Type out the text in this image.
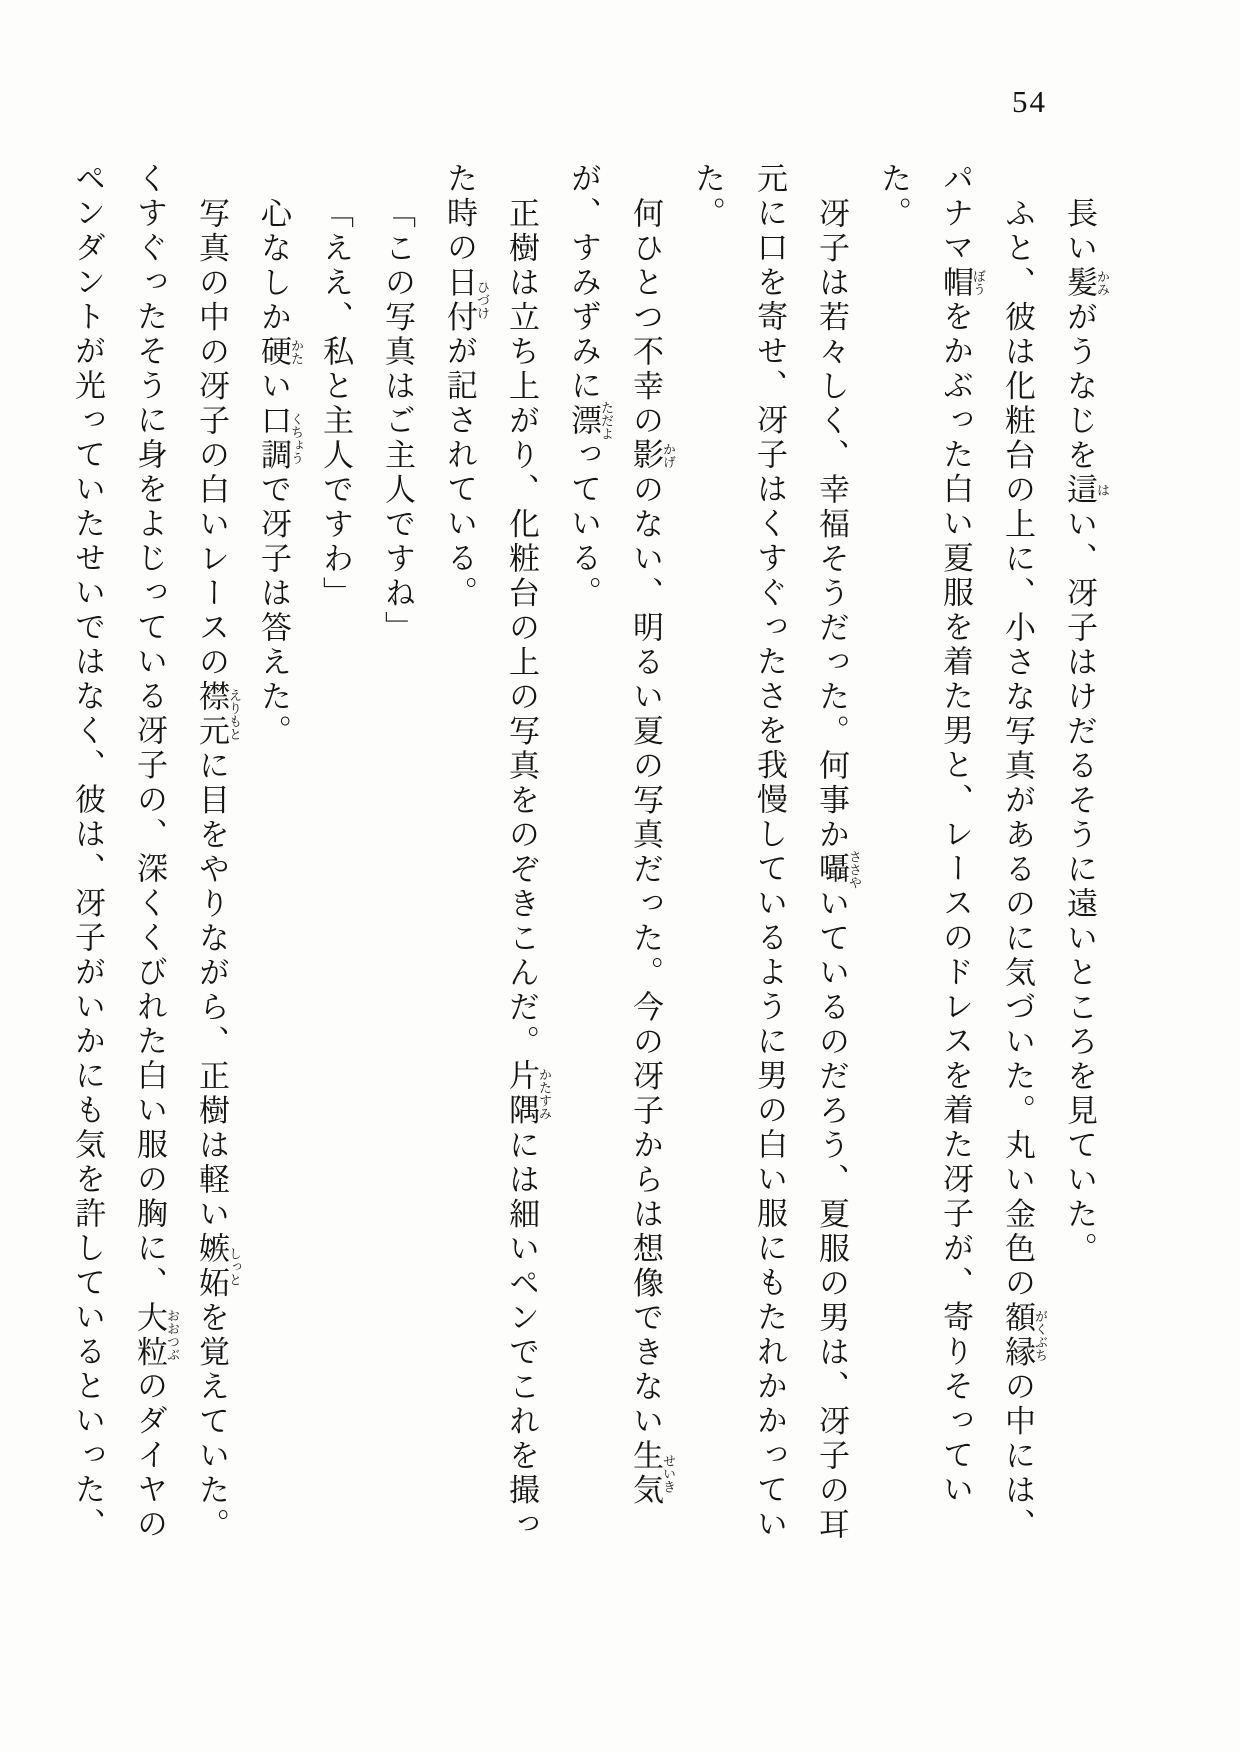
54

長い髪かみがうなじを這はい、冴子はけだるそうに遠いところを見ていた。

ふと、彼は化粧台の上に、小さな写真があるのに気づいた。丸い金色の額縁がくぶちの中には、パナマ帽ぼうをかぶった白い夏服を着た男と、レースのドレスを着た冴子が、寄りそっていた。

冴子は若々しく、幸福そうだった。何事か囁ささやいているのだろう、夏服の男は、冴子の耳元に口を寄せ、冴子はくすぐったさを我慢しているように男の白い服にもたれかかっていた。

何ひとつ不幸の影かげのない、明るい夏の写真だった。今の冴子からは想像できない生気せいきが、すみずみに漂ただよっている。

正樹は立ち上がり、化粧台の上の写真をのぞきこんだ。片隅かたすみには細いペンでこれを撮った時の日付ひづけが記されている。

「この写真はご主人ですね」

「ええ、私と主人ですわ」

心なしか硬かたい口調くちょうで冴子は答えた。

写真の中の冴子の白いレースの襟元えりもとに目をやりながら、正樹は軽い嫉妬しっとを覚えていた。くすぐったそうに身をよじっている冴子の、深くくびれた白い服の胸に、大粒おおつぶのダイヤのペンダントが光っていたせいではなく、彼は、冴子がいかにも気を許しているといった、
